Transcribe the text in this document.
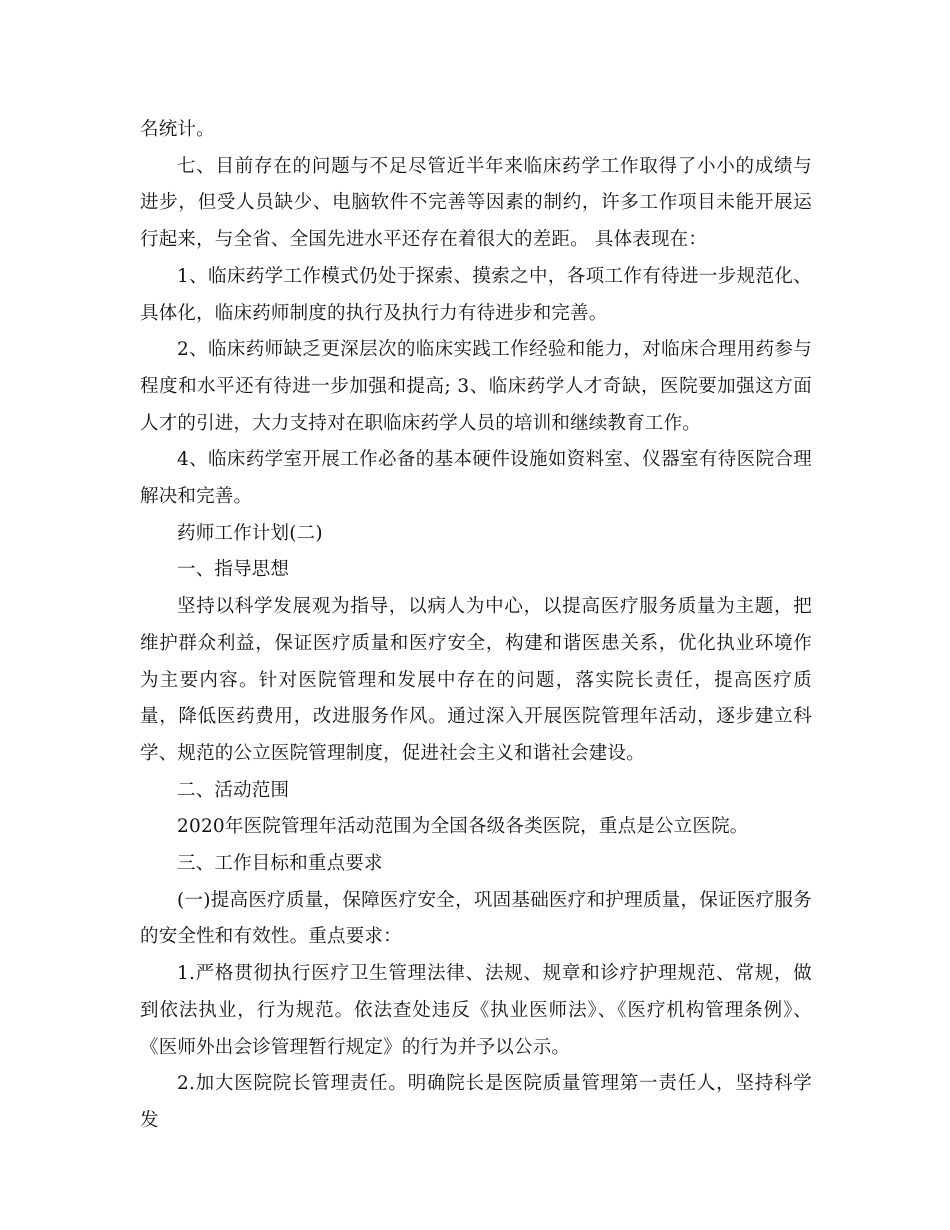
名统计。

七、目前存在的问题与不足尽管近半年来临床药学工作取得了小小的成绩与进步，但受人员缺少、电脑软件不完善等因素的制约，许多工作项目未能开展运行起来，与全省、全国先进水平还存在着很大的差距。 具体表现在：

1、临床药学工作模式仍处于探索、摸索之中，各项工作有待进一步规范化、具体化，临床药师制度的执行及执行力有待进步和完善。

2、临床药师缺乏更深层次的临床实践工作经验和能力，对临床合理用药参与程度和水平还有待进一步加强和提高; 3、临床药学人才奇缺，医院要加强这方面人才的引进，大力支持对在职临床药学人员的培训和继续教育工作。

4、临床药学室开展工作必备的基本硬件设施如资料室、仪器室有待医院合理解决和完善。

药师工作计划(二)

一、指导思想

坚持以科学发展观为指导，以病人为中心，以提高医疗服务质量为主题，把维护群众利益，保证医疗质量和医疗安全，构建和谐医患关系，优化执业环境作为主要内容。针对医院管理和发展中存在的问题，落实院长责任，提高医疗质量，降低医药费用，改进服务作风。通过深入开展医院管理年活动，逐步建立科学、规范的公立医院管理制度，促进社会主义和谐社会建设。

二、活动范围

2020年医院管理年活动范围为全国各级各类医院，重点是公立医院。

三、工作目标和重点要求

(一)提高医疗质量，保障医疗安全，巩固基础医疗和护理质量，保证医疗服务的安全性和有效性。重点要求：

1.严格贯彻执行医疗卫生管理法律、法规、规章和诊疗护理规范、常规，做到依法执业，行为规范。依法查处违反《执业医师法》、《医疗机构管理条例》、《医师外出会诊管理暂行规定》的行为并予以公示。

2.加大医院院长管理责任。明确院长是医院质量管理第一责任人，坚持科学发
